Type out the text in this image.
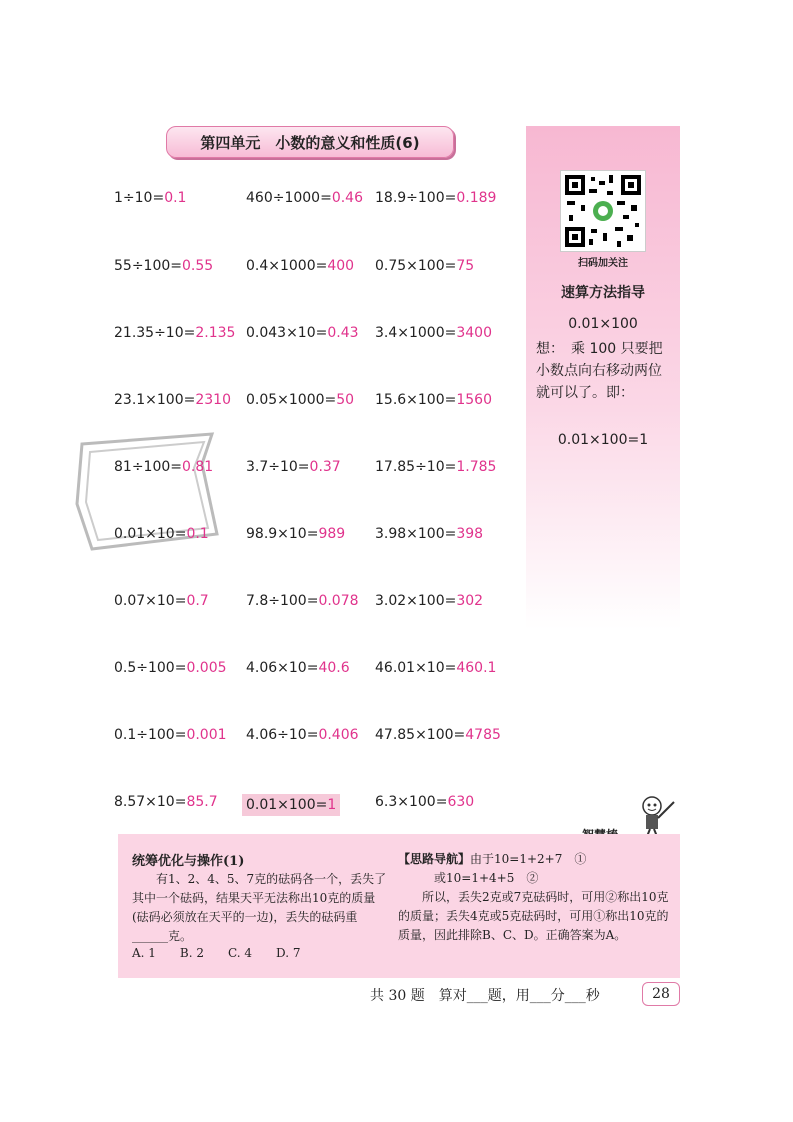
第四单元　小数的意义和性质(6)
扫码加关注
速算方法指导
0.01×100
想：　乘 100 只要把小数点向右移动两位就可以了。即：
0.01×100=1
1÷10=0.1	460÷1000=0.46 18.9÷100=0.189
55÷100=0.55 0.4×1000=400 0.75×100=75
21.35÷10=2.135 0.043×10=0.43 3.4×1000=3400
23.1×100=2310 0.05×1000=50 15.6×100=1560
81÷100=0.81 3.7÷10=0.37 17.85÷10=1.785
0.01×10=0.1	98.9×10=989 3.98×100=398
0.07×10=0.7	7.8÷100=0.078 3.02×100=302
0.5÷100=0.005 4.06×10=40.6 46.01×10=460.1
0.1÷100=0.001 4.06÷10=0.406 47.85×100=4785
8.57×10=85.7 0.01×100=1	6.3×100=630
统筹优化与操作(1)
　　有1、2、4、5、7克的砝码各一个，丢失了其中一个砝码，结果天平无法称出10克的质量(砝码必须放在天平的一边)，丢失的砝码重______克。
A. 1　　B. 2　　C. 4　　D. 7
【思路导航】由于10=1+2+7　①
　　　或10=1+4+5　②
　　所以，丢失2克或7克砝码时，可用②称出10克的质量；丢失4克或5克砝码时，可用①称出10克的质量，因此排除B、C、D。正确答案为A。
共 30 题　算对___题，用___分___秒	28
